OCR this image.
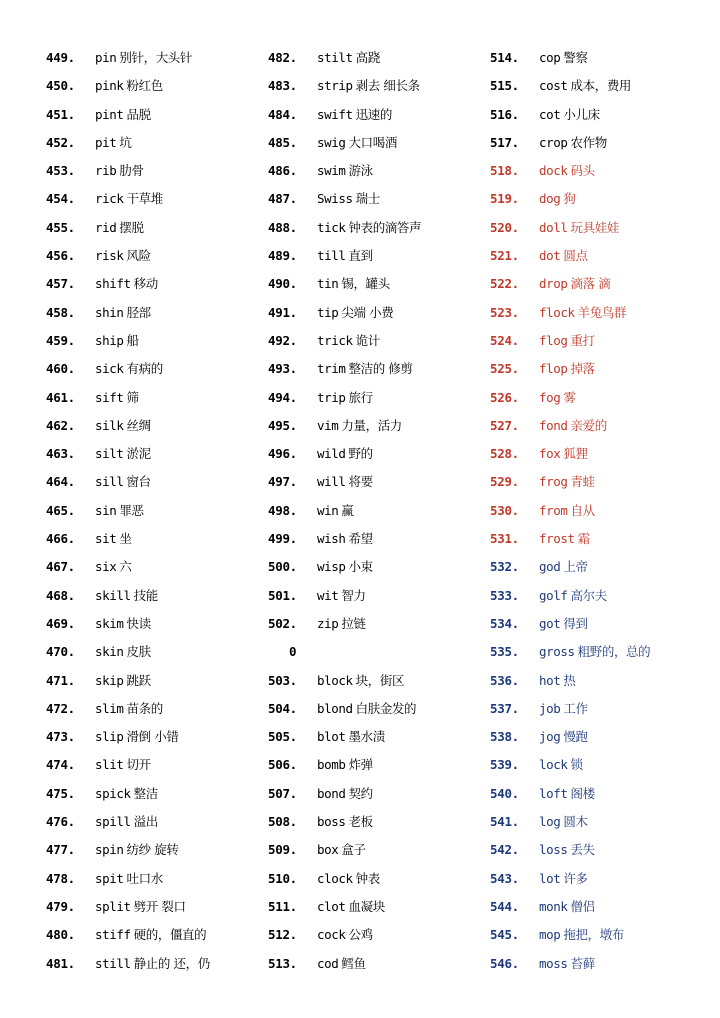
449. pin 别针，大头针
450. pink 粉红色
451. pint 品脱
452. pit 坑
453. rib 肋骨
454. rick 干草堆
455. rid 摆脱
456. risk 风险
457. shift 移动
458. shin 胫部
459. ship 船
460. sick 有病的
461. sift 筛
462. silk 丝绸
463. silt 淤泥
464. sill 窗台
465. sin 罪恶
466. sit 坐
467. six 六
468. skill 技能
469. skim 快读
470. skin 皮肤
471. skip 跳跃
472. slim 苗条的
473. slip 滑倒 小错
474. slit 切开
475. spick 整洁
476. spill 溢出
477. spin 纺纱 旋转
478. spit 吐口水
479. split 劈开 裂口
480. stiff 硬的，僵直的
481. still 静止的 还，仍
482. stilt 高跷
483. strip 剥去 细长条
484. swift 迅速的
485. swig 大口喝酒
486. swim 游泳
487. Swiss 瑞士
488. tick 钟表的滴答声
489. till 直到
490. tin 锡，罐头
491. tip 尖端 小费
492. trick 诡计
493. trim 整洁的 修剪
494. trip 旅行
495. vim 力量，活力
496. wild 野的
497. will 将要
498. win 赢
499. wish 希望
500. wisp 小束
501. wit 智力
502. zip 拉链
0
503. block 块，街区
504. blond 白肤金发的
505. blot 墨水渍
506. bomb 炸弹
507. bond 契约
508. boss 老板
509. box 盒子
510. clock 钟表
511. clot 血凝块
512. cock 公鸡
513. cod 鳕鱼
514. cop 警察
515. cost 成本，费用
516. cot 小儿床
517. crop 农作物
518. dock 码头
519. dog 狗
520. doll 玩具娃娃
521. dot 圆点
522. drop 滴落 滴
523. flock 羊兔鸟群
524. flog 重打
525. flop 掉落
526. fog 雾
527. fond 亲爱的
528. fox 狐狸
529. frog 青蛙
530. from 自从
531. frost 霜
532. god 上帝
533. golf 高尔夫
534. got 得到
535. gross 粗野的，总的
536. hot 热
537. job 工作
538. jog 慢跑
539. lock 锁
540. loft 阁楼
541. log 圆木
542. loss 丢失
543. lot 许多
544. monk 僧侣
545. mop 拖把，墩布
546. moss 苔藓
